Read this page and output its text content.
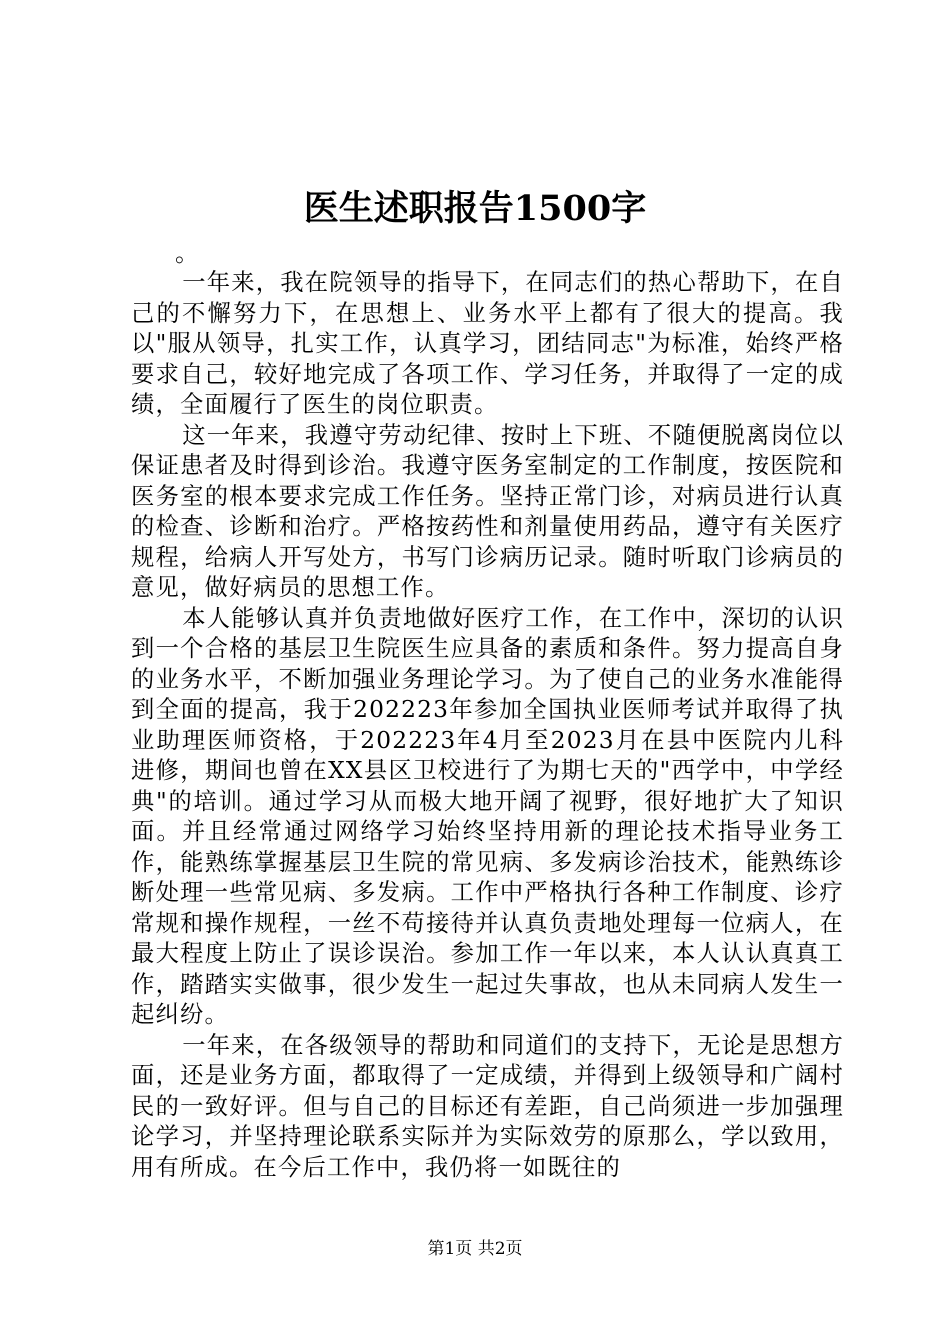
医生述职报告1500字
。

一年来，我在院领导的指导下，在同志们的热心帮助下，在自己的不懈努力下，在思想上、业务水平上都有了很大的提高。我以"服从领导，扎实工作，认真学习，团结同志"为标准，始终严格要求自己，较好地完成了各项工作、学习任务，并取得了一定的成绩，全面履行了医生的岗位职责。

这一年来，我遵守劳动纪律、按时上下班、不随便脱离岗位以保证患者及时得到诊治。我遵守医务室制定的工作制度，按医院和医务室的根本要求完成工作任务。坚持正常门诊，对病员进行认真的检查、诊断和治疗。严格按药性和剂量使用药品，遵守有关医疗规程，给病人开写处方，书写门诊病历记录。随时听取门诊病员的意见，做好病员的思想工作。

本人能够认真并负责地做好医疗工作，在工作中，深切的认识到一个合格的基层卫生院医生应具备的素质和条件。努力提高自身的业务水平，不断加强业务理论学习。为了使自己的业务水准能得到全面的提高，我于202223年参加全国执业医师考试并取得了执业助理医师资格，于202223年4月至2023月在县中医院内儿科进修，期间也曾在XX县区卫校进行了为期七天的"西学中，中学经典"的培训。通过学习从而极大地开阔了视野，很好地扩大了知识面。并且经常通过网络学习始终坚持用新的理论技术指导业务工作，能熟练掌握基层卫生院的常见病、多发病诊治技术，能熟练诊断处理一些常见病、多发病。工作中严格执行各种工作制度、诊疗常规和操作规程，一丝不苟接待并认真负责地处理每一位病人，在最大程度上防止了误诊误治。参加工作一年以来，本人认认真真工作，踏踏实实做事，很少发生一起过失事故，也从未同病人发生一起纠纷。

一年来，在各级领导的帮助和同道们的支持下，无论是思想方面，还是业务方面，都取得了一定成绩，并得到上级领导和广阔村民的一致好评。但与自己的目标还有差距，自己尚须进一步加强理论学习，并坚持理论联系实际并为实际效劳的原那么，学以致用，用有所成。在今后工作中，我仍将一如既往的

第1页 共2页
